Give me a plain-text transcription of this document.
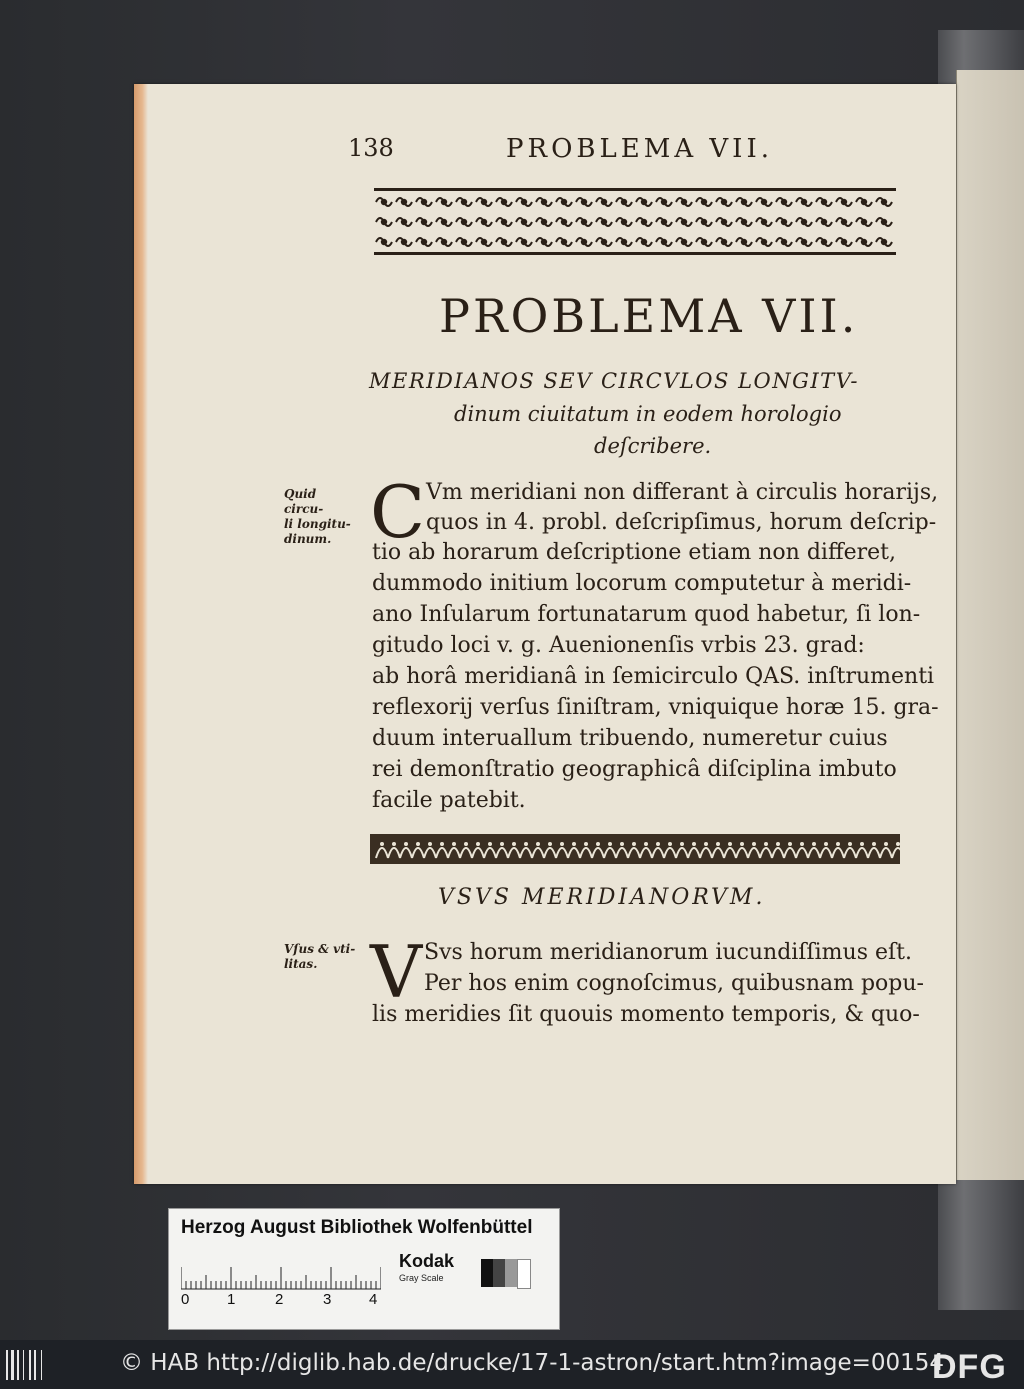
138	PROBLEMA VII.
PROBLEMA VII.
MERIDIANOS SEV CIRCVLOS LONGITV-
dinum ciuitatum in eodem horologio
deſcribere.
Quid circu-
li longitu-
dinum. C Vm meridiani non differant à circulis horarijs,
quos in 4. probl. deſcripſimus, horum deſcrip-
tio ab horarum deſcriptione etiam non differet,
dummodo initium locorum computetur à meridi-
ano Inſularum fortunatarum quod habetur, ſi lon-
gitudo loci v. g. Auenionenſis vrbis 23. grad:
ab horâ meridianâ in ſemicirculo QAS. inſtrumenti
reflexorij verſus ſiniſtram, vniquique horæ 15. gra-
duum interuallum tribuendo, numeretur cuius
rei demonſtratio geographicâ diſciplina imbuto
facile patebit.
VSVS MERIDIANORVM.
Vſus & vti-
litas. V Svs horum meridianorum iucundiſſimus eſt.
Per hos enim cognoſcimus, quibusnam popu-
lis meridies ſit quouis momento temporis, & quo-
Herzog August Bibliothek Wolfenbüttel
0	1	2	3	4
Kodak
Gray Scale
© HAB http://diglib.hab.de/drucke/17-1-astron/start.htm?image=00154
DFG
